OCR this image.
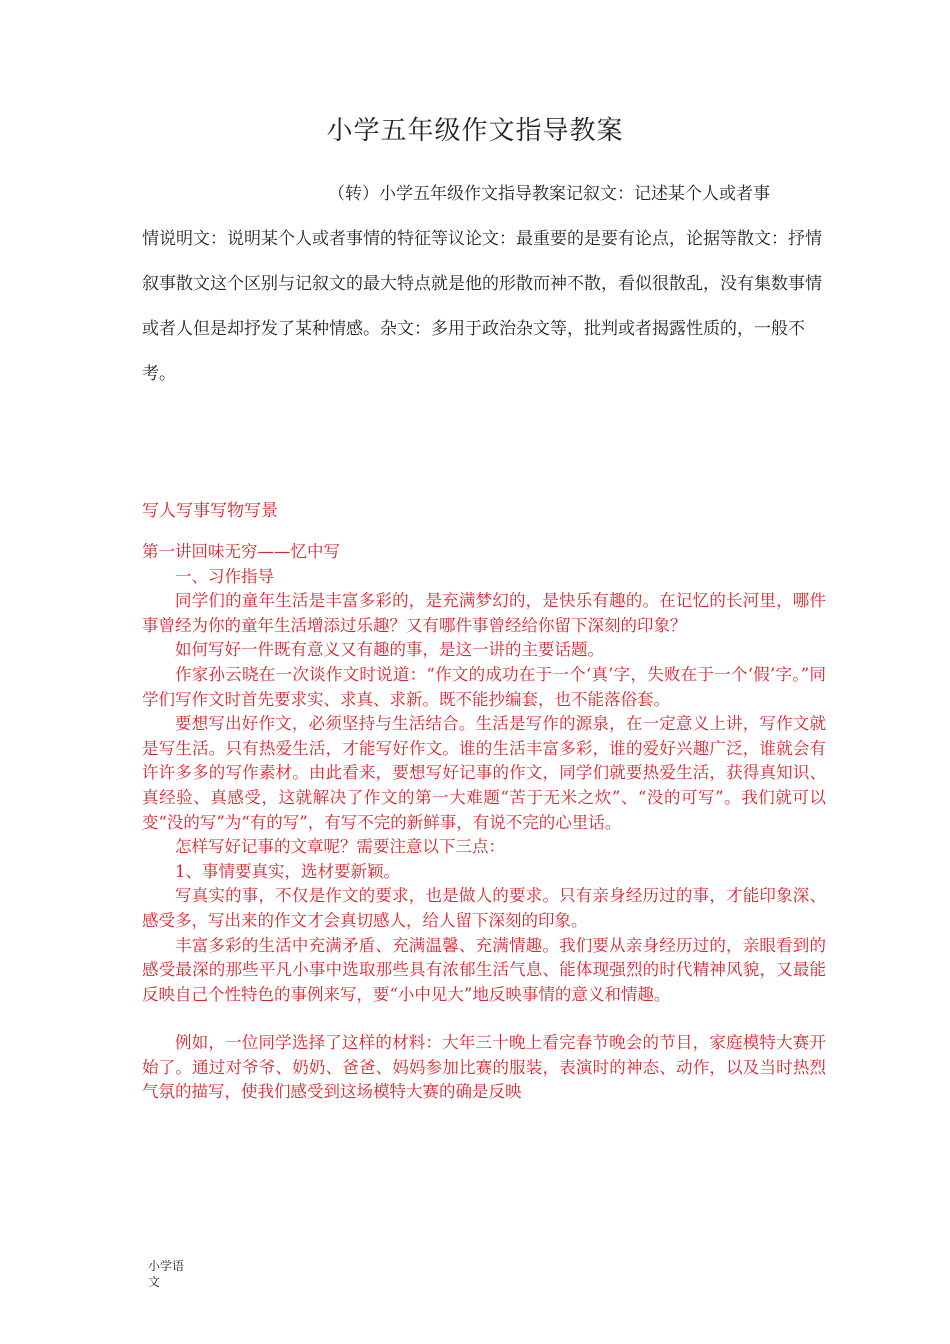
小学五年级作文指导教案
（转）小学五年级作文指导教案记叙文：记述某个人或者事
情说明文：说明某个人或者事情的特征等议论文：最重要的是要有论点，论据等散文：抒情叙事散文这个区别与记叙文的最大特点就是他的形散而神不散，看似很散乱，没有集数事情或者人但是却抒发了某种情感。杂文：多用于政治杂文等，批判或者揭露性质的，一般不考。
写人写事写物写景

第一讲回味无穷——忆中写

一、习作指导

同学们的童年生活是丰富多彩的，是充满梦幻的，是快乐有趣的。在记忆的长河里，哪件事曾经为你的童年生活增添过乐趣？又有哪件事曾经给你留下深刻的印象？

如何写好一件既有意义又有趣的事，是这一讲的主要话题。

作家孙云晓在一次谈作文时说道：“作文的成功在于一个‘真’字，失败在于一个‘假’字。”同学们写作文时首先要求实、求真、求新。既不能抄编套，也不能落俗套。

要想写出好作文，必须坚持与生活结合。生活是写作的源泉，在一定意义上讲，写作文就是写生活。只有热爱生活，才能写好作文。谁的生活丰富多彩，谁的爱好兴趣广泛，谁就会有许许多多的写作素材。由此看来，要想写好记事的作文，同学们就要热爱生活，获得真知识、真经验、真感受，这就解决了作文的第一大难题“苦于无米之炊”、“没的可写”。我们就可以变“没的写”为“有的写”，有写不完的新鲜事，有说不完的心里话。

怎样写好记事的文章呢？需要注意以下三点：

1、事情要真实，选材要新颖。

写真实的事，不仅是作文的要求，也是做人的要求。只有亲身经历过的事，才能印象深、感受多，写出来的作文才会真切感人，给人留下深刻的印象。

丰富多彩的生活中充满矛盾、充满温馨、充满情趣。我们要从亲身经历过的，亲眼看到的感受最深的那些平凡小事中选取那些具有浓郁生活气息、能体现强烈的时代精神风貌，又最能反映自己个性特色的事例来写，要“小中见大”地反映事情的意义和情趣。

例如，一位同学选择了这样的材料：大年三十晚上看完春节晚会的节目，家庭模特大赛开始了。通过对爷爷、奶奶、爸爸、妈妈参加比赛的服装，表演时的神态、动作，以及当时热烈气氛的描写，使我们感受到这场模特大赛的确是反映

小学语文
